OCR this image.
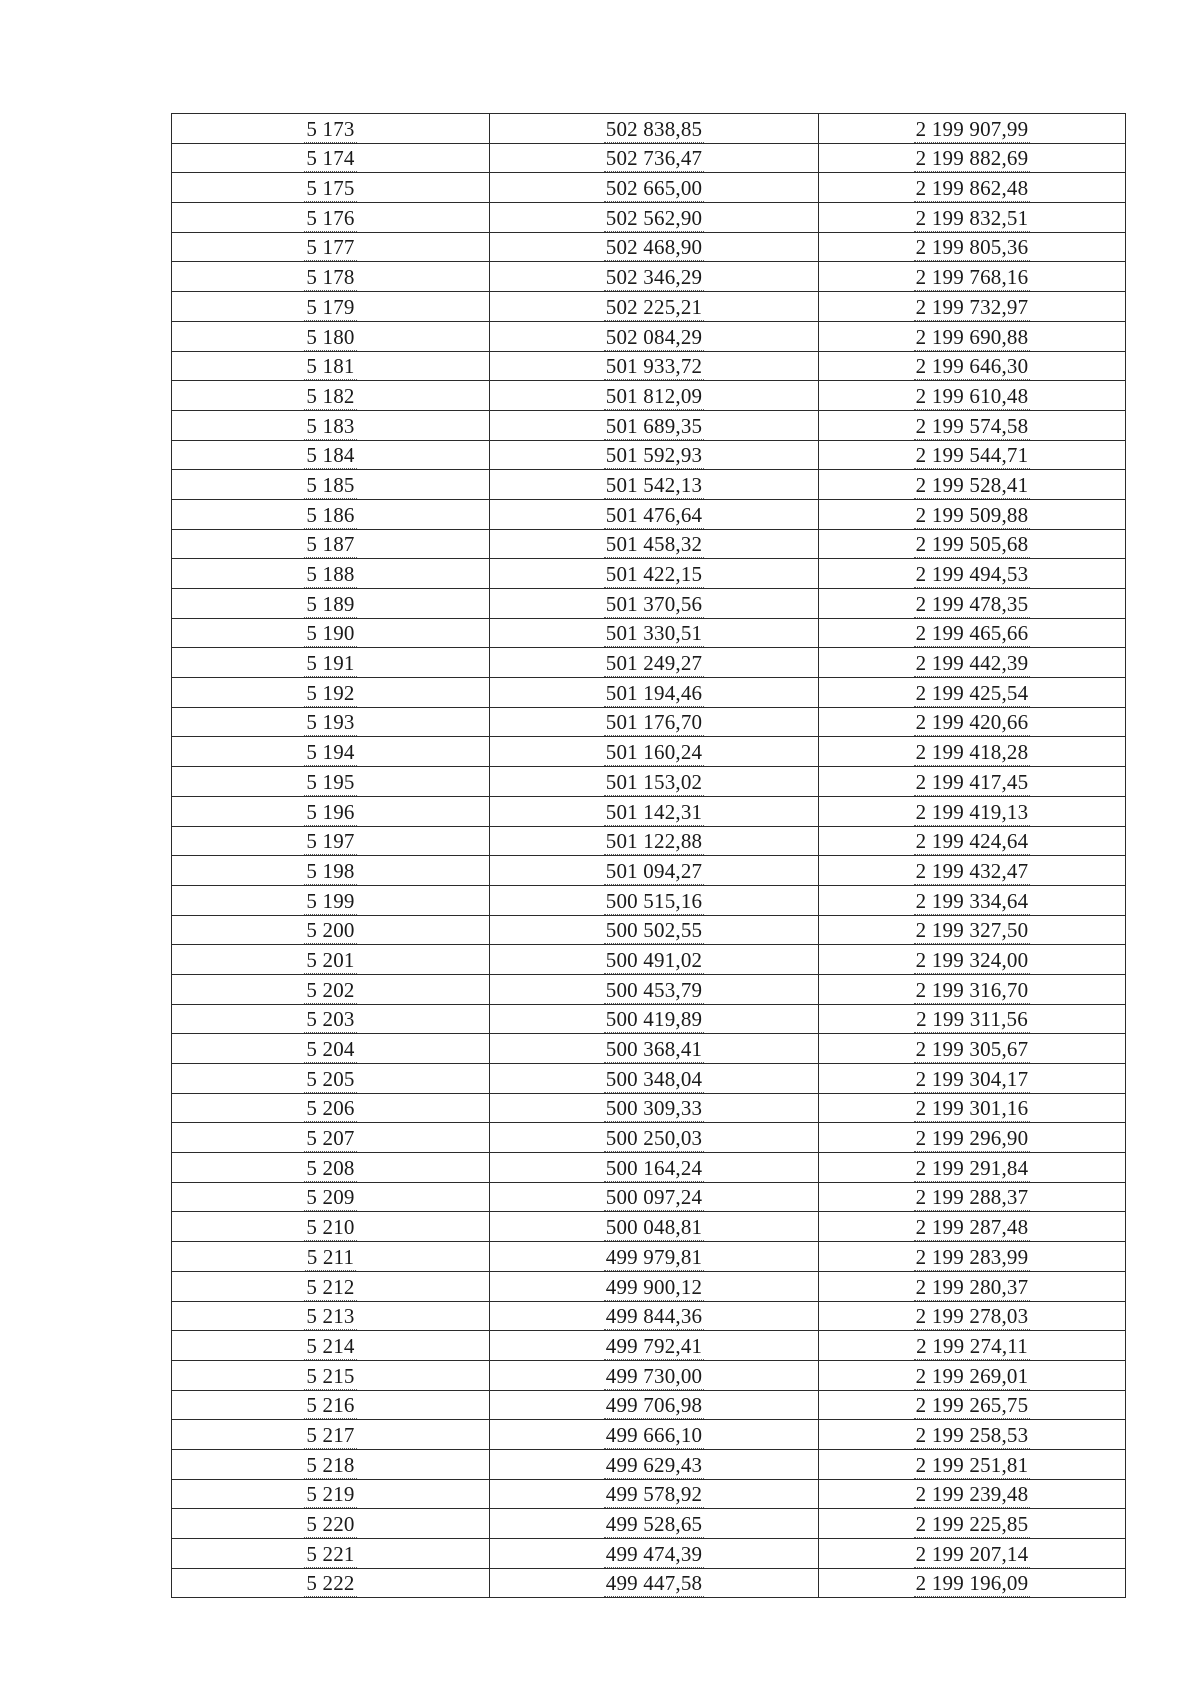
5 173	502 838,85	2 199 907,99
5 174	502 736,47	2 199 882,69
5 175	502 665,00	2 199 862,48
5 176	502 562,90	2 199 832,51
5 177	502 468,90	2 199 805,36
5 178	502 346,29	2 199 768,16
5 179	502 225,21	2 199 732,97
5 180	502 084,29	2 199 690,88
5 181	501 933,72	2 199 646,30
5 182	501 812,09	2 199 610,48
5 183	501 689,35	2 199 574,58
5 184	501 592,93	2 199 544,71
5 185	501 542,13	2 199 528,41
5 186	501 476,64	2 199 509,88
5 187	501 458,32	2 199 505,68
5 188	501 422,15	2 199 494,53
5 189	501 370,56	2 199 478,35
5 190	501 330,51	2 199 465,66
5 191	501 249,27	2 199 442,39
5 192	501 194,46	2 199 425,54
5 193	501 176,70	2 199 420,66
5 194	501 160,24	2 199 418,28
5 195	501 153,02	2 199 417,45
5 196	501 142,31	2 199 419,13
5 197	501 122,88	2 199 424,64
5 198	501 094,27	2 199 432,47
5 199	500 515,16	2 199 334,64
5 200	500 502,55	2 199 327,50
5 201	500 491,02	2 199 324,00
5 202	500 453,79	2 199 316,70
5 203	500 419,89	2 199 311,56
5 204	500 368,41	2 199 305,67
5 205	500 348,04	2 199 304,17
5 206	500 309,33	2 199 301,16
5 207	500 250,03	2 199 296,90
5 208	500 164,24	2 199 291,84
5 209	500 097,24	2 199 288,37
5 210	500 048,81	2 199 287,48
5 211	499 979,81	2 199 283,99
5 212	499 900,12	2 199 280,37
5 213	499 844,36	2 199 278,03
5 214	499 792,41	2 199 274,11
5 215	499 730,00	2 199 269,01
5 216	499 706,98	2 199 265,75
5 217	499 666,10	2 199 258,53
5 218	499 629,43	2 199 251,81
5 219	499 578,92	2 199 239,48
5 220	499 528,65	2 199 225,85
5 221	499 474,39	2 199 207,14
5 222	499 447,58	2 199 196,09
